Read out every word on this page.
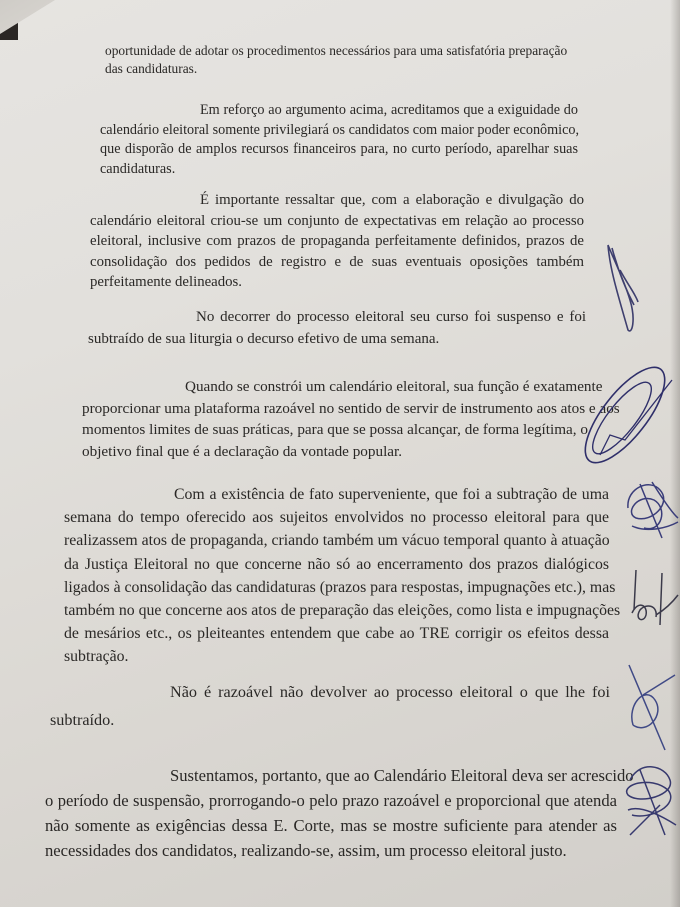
oportunidade de adotar os procedimentos necessários para uma satisfatória preparação
das candidaturas.
Em reforço ao argumento acima, acreditamos que a exiguidade do
calendário eleitoral somente privilegiará os candidatos com maior poder econômico,
que disporão de amplos recursos financeiros para, no curto período, aparelhar suas
candidaturas.
É importante ressaltar que, com a elaboração e divulgação do
calendário eleitoral criou-se um conjunto de expectativas em relação ao processo
eleitoral, inclusive com prazos de propaganda perfeitamente definidos, prazos de
consolidação dos pedidos de registro e de suas eventuais oposições também
perfeitamente delineados.
No decorrer do processo eleitoral seu curso foi suspenso e foi
subtraído de sua liturgia o decurso efetivo de uma semana.
Quando se constrói um calendário eleitoral, sua função é exatamente
proporcionar uma plataforma razoável no sentido de servir de instrumento aos atos e aos
momentos limites de suas práticas, para que se possa alcançar, de forma legítima, o
objetivo final que é a declaração da vontade popular.
Com a existência de fato superveniente, que foi a subtração de uma
semana do tempo oferecido aos sujeitos envolvidos no processo eleitoral para que
realizassem atos de propaganda, criando também um vácuo temporal quanto à atuação
da Justiça Eleitoral no que concerne não só ao encerramento dos prazos dialógicos
ligados à consolidação das candidaturas (prazos para respostas, impugnações etc.), mas
também no que concerne aos atos de preparação das eleições, como lista e impugnações
de mesários etc., os pleiteantes entendem que cabe ao TRE corrigir os efeitos dessa
subtração.
Não é razoável não devolver ao processo eleitoral o que lhe foi
subtraído.
Sustentamos, portanto, que ao Calendário Eleitoral deva ser acrescido
o período de suspensão, prorrogando-o pelo prazo razoável e proporcional que atenda
não somente as exigências dessa E. Corte, mas se mostre suficiente para atender as
necessidades dos candidatos, realizando-se, assim, um processo eleitoral justo.
